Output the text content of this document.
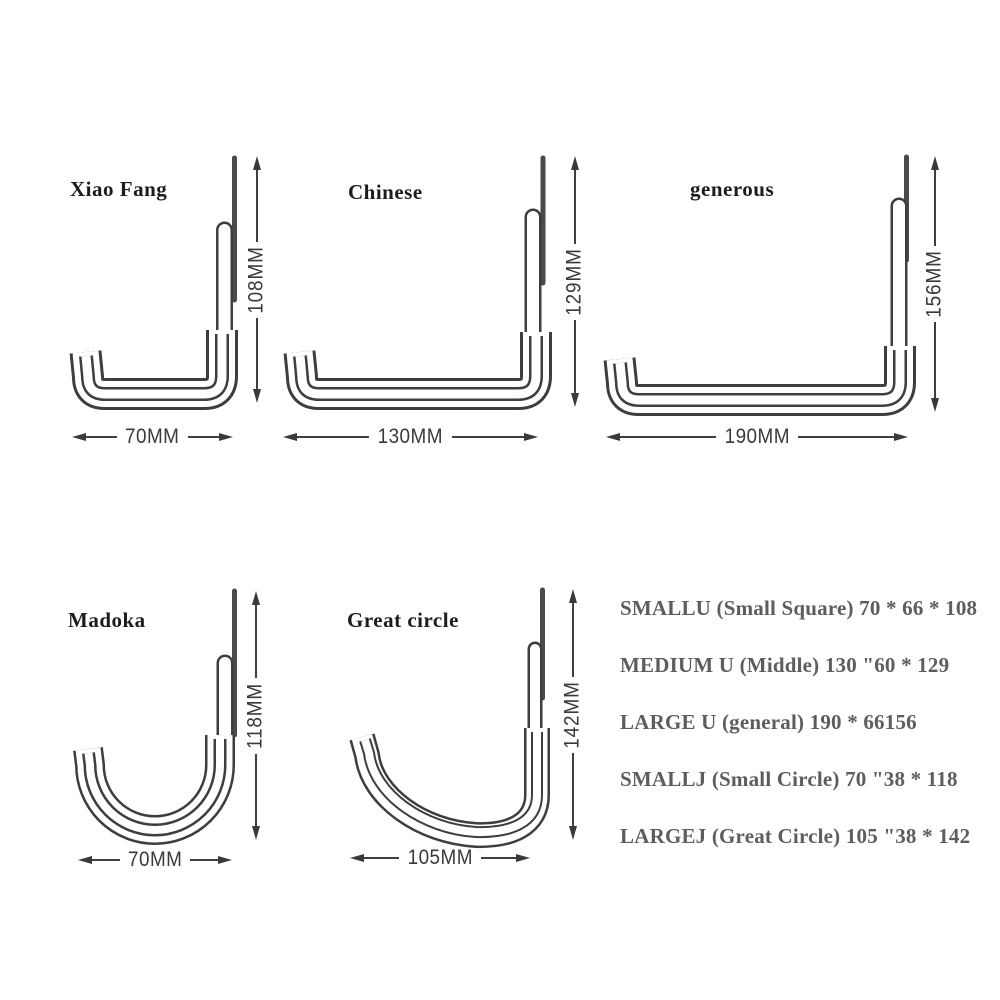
Xiao Fang	Chinese	generous
Madoka	Great circle
108MM	129MM	156MM
118MM	142MM
70MM	130MM	190MM
70MM	105MM
SMALLU (Small Square) 70 * 66 * 108
MEDIUM U (Middle) 130 "60 * 129
LARGE U (general) 190 * 66156
SMALLJ (Small Circle) 70 "38 * 118
LARGEJ (Great Circle) 105 "38 * 142
